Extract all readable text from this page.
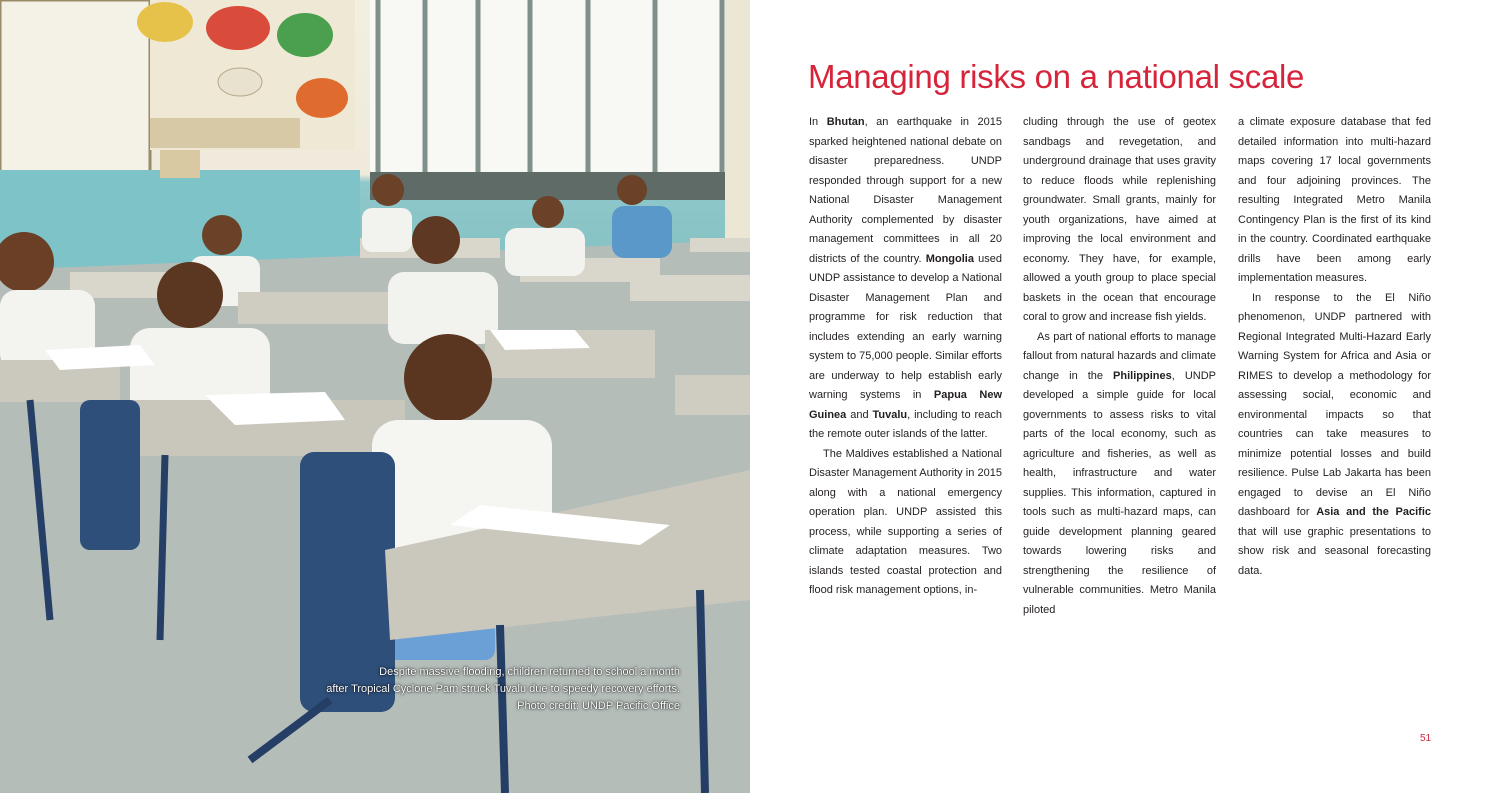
Despite massive flooding, children returned to school a month
after Tropical Cyclone Pam struck Tuvalu due to speedy recovery efforts.
Photo credit: UNDP Pacific Office
Managing risks on a national scale

In Bhutan, an earthquake in 2015 sparked heightened national debate on disaster preparedness. UNDP responded through support for a new National Disaster Management Authority complemented by disaster management committees in all 20 districts of the country. Mongolia used UNDP assistance to develop a National Disaster Management Plan and programme for risk reduction that includes extending an early warning system to 75,000 people. Similar efforts are underway to help establish early warning systems in Papua New Guinea and Tuvalu, including to reach the remote outer islands of the latter.

The Maldives established a National Disaster Management Authority in 2015 along with a national emergency operation plan. UNDP assisted this process, while supporting a series of climate adaptation measures. Two islands tested coastal protection and flood risk management options, in-

cluding through the use of geotex sandbags and revegetation, and underground drainage that uses gravity to reduce floods while replenishing groundwater. Small grants, mainly for youth organizations, have aimed at improving the local environment and economy. They have, for example, allowed a youth group to place special baskets in the ocean that encourage coral to grow and increase fish yields.

As part of national efforts to manage fallout from natural hazards and climate change in the Philippines, UNDP developed a simple guide for local governments to assess risks to vital parts of the local economy, such as agriculture and fisheries, as well as health, infrastructure and water supplies. This information, captured in tools such as multi-hazard maps, can guide development planning geared towards lowering risks and strengthening the resilience of vulnerable communities. Metro Manila piloted

a climate exposure database that fed detailed information into multi-hazard maps covering 17 local governments and four adjoining provinces. The resulting Integrated Metro Manila Contingency Plan is the first of its kind in the country. Coordinated earthquake drills have been among early implementation measures.

In response to the El Niño phenomenon, UNDP partnered with Regional Integrated Multi-Hazard Early Warning System for Africa and Asia or RIMES to develop a methodology for assessing social, economic and environmental impacts so that countries can take measures to minimize potential losses and build resilience. Pulse Lab Jakarta has been engaged to devise an El Niño dashboard for Asia and the Pacific that will use graphic presentations to show risk and seasonal forecasting data.

51
